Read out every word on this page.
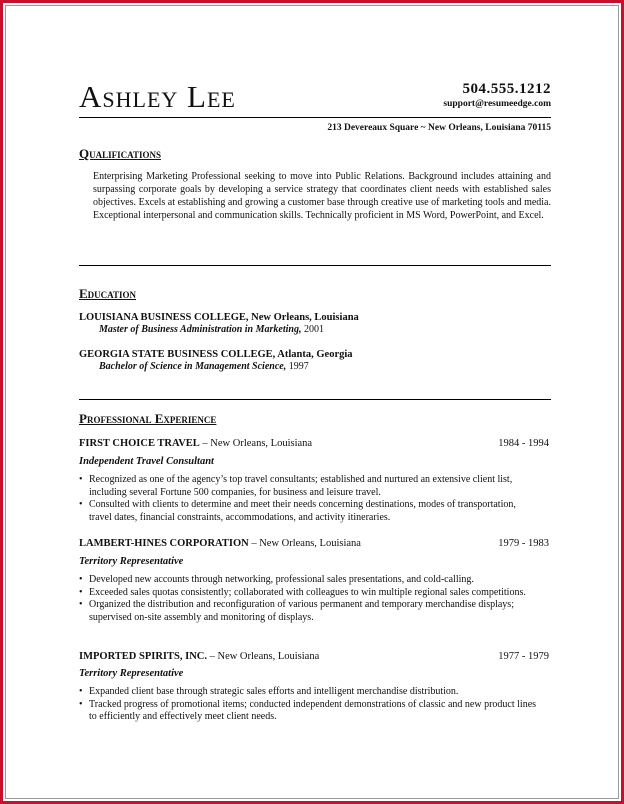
Ashley Lee	504.555.1212
support@resumeedge.com
213 Devereaux Square ~ New Orleans, Louisiana 70115
Qualifications

Enterprising Marketing Professional seeking to move into Public Relations. Background includes attaining and surpassing corporate goals by developing a service strategy that coordinates client needs with established sales objectives. Excels at establishing and growing a customer base through creative use of marketing tools and media. Exceptional interpersonal and communication skills. Technically proficient in MS Word, PowerPoint, and Excel.

Education
LOUISIANA BUSINESS COLLEGE, New Orleans, Louisiana
Master of Business Administration in Marketing, 2001
GEORGIA STATE BUSINESS COLLEGE, Atlanta, Georgia
Bachelor of Science in Management Science, 1997
Professional Experience
FIRST CHOICE TRAVEL – New Orleans, Louisiana	1984 - 1994
Independent Travel Consultant
• Recognized as one of the agency’s top travel consultants; established and nurtured an extensive client list, including several Fortune 500 companies, for business and leisure travel.
• Consulted with clients to determine and meet their needs concerning destinations, modes of transportation, travel dates, financial constraints, accommodations, and activity itineraries.
LAMBERT-HINES CORPORATION – New Orleans, Louisiana	1979 - 1983
Territory Representative
• Developed new accounts through networking, professional sales presentations, and cold-calling.
• Exceeded sales quotas consistently; collaborated with colleagues to win multiple regional sales competitions.
• Organized the distribution and reconfiguration of various permanent and temporary merchandise displays; supervised on-site assembly and monitoring of displays.
IMPORTED SPIRITS, INC. – New Orleans, Louisiana	1977 - 1979
Territory Representative
• Expanded client base through strategic sales efforts and intelligent merchandise distribution.
• Tracked progress of promotional items; conducted independent demonstrations of classic and new product lines to efficiently and effectively meet client needs.
